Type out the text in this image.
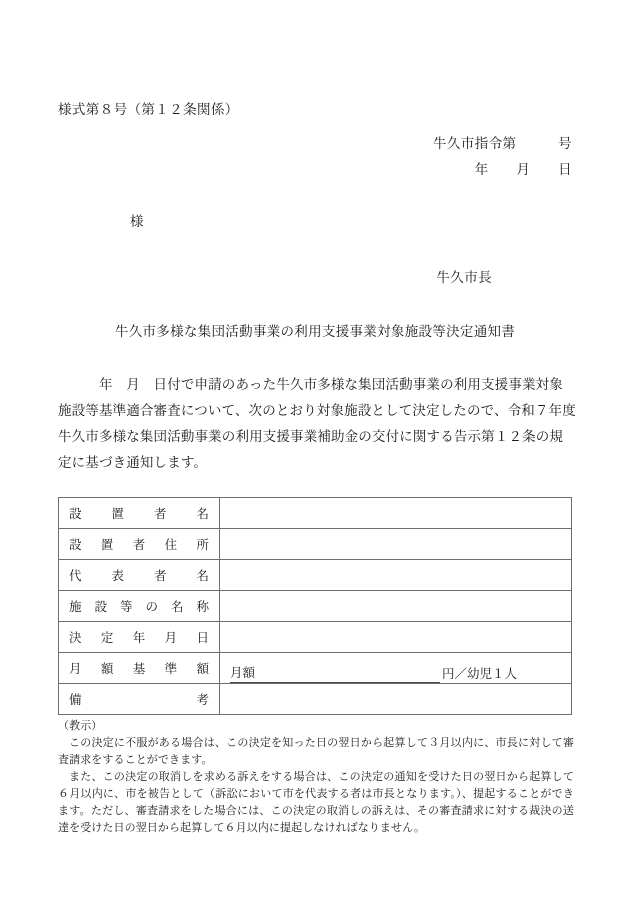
様式第８号（第１２条関係）
牛久市指令第　　　号
年　　月　　日
様
牛久市長
牛久市多様な集団活動事業の利用支援事業対象施設等決定通知書
　　　年　月　日付で申請のあった牛久市多様な集団活動事業の利用支援事業対象
施設等基準適合審査について、次のとおり対象施設として決定したので、令和７年度
牛久市多様な集団活動事業の利用支援事業補助金の交付に関する告示第１２条の規
定に基づき通知します。
設置者名	

設置者住所	

代表者名	

施設等の名称	

決定年月日	

月額基準額	月額 円／幼児１人

備考	

（教示）

この決定に不服がある場合は、この決定を知った日の翌日から起算して３月以内に、市長に対して審査請求をすることができます。

また、この決定の取消しを求める訴えをする場合は、この決定の通知を受けた日の翌日から起算して６月以内に、市を被告として（訴訟において市を代表する者は市長となります。）、提起することができます。ただし、審査請求をした場合には、この決定の取消しの訴えは、その審査請求に対する裁決の送達を受けた日の翌日から起算して６月以内に提起しなければなりません。
